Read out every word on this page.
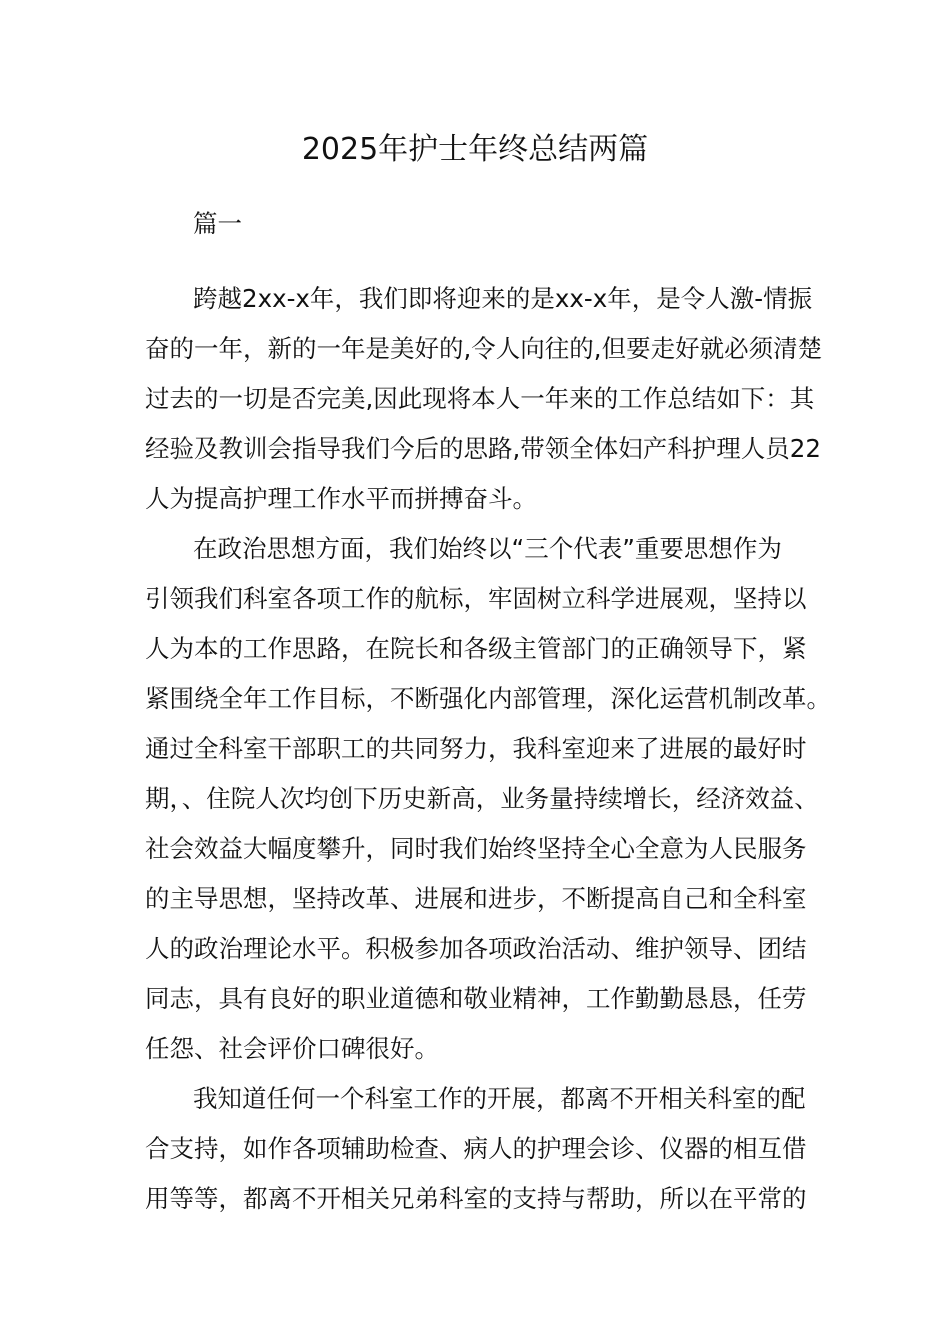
2025年护士年终总结两篇
篇一
跨越2xx-x年，我们即将迎来的是xx-x年，是令人激-情振
奋的一年，新的一年是美好的,令人向往的,但要走好就必须清楚
过去的一切是否完美,因此现将本人一年来的工作总结如下：其
经验及教训会指导我们今后的思路,带领全体妇产科护理人员22
人为提高护理工作水平而拼搏奋斗。
在政治思想方面，我们始终以“三个代表”重要思想作为
引领我们科室各项工作的航标，牢固树立科学进展观，坚持以
人为本的工作思路，在院长和各级主管部门的正确领导下，紧
紧围绕全年工作目标，不断强化内部管理，深化运营机制改革。
通过全科室干部职工的共同努力，我科室迎来了进展的最好时
期，、住院人次均创下历史新高，业务量持续增长，经济效益、
社会效益大幅度攀升，同时我们始终坚持全心全意为人民服务
的主导思想，坚持改革、进展和进步，不断提高自己和全科室
人的政治理论水平。积极参加各项政治活动、维护领导、团结
同志，具有良好的职业道德和敬业精神，工作勤勤恳恳，任劳
任怨、社会评价口碑很好。
我知道任何一个科室工作的开展，都离不开相关科室的配
合支持，如作各项辅助检查、病人的护理会诊、仪器的相互借
用等等，都离不开相关兄弟科室的支持与帮助，所以在平常的
